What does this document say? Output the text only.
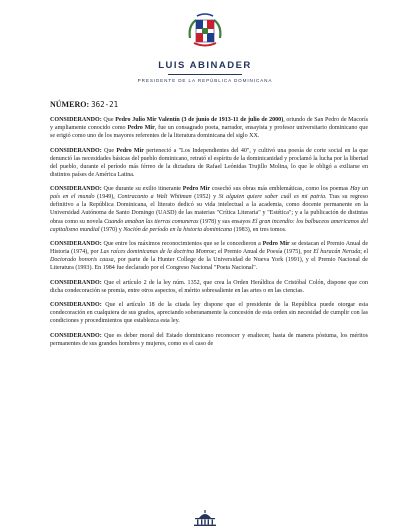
LUIS ABINADER
PRESIDENTE DE LA REPÚBLICA DOMINICANA
NÚMERO: 362-21

CONSIDERANDO: Que Pedro Julio Mir Valentín (3 de junio de 1913-11 de julio de 2000), oriundo de San Pedro de Macorís y ampliamente conocido como Pedro Mir, fue un consagrado poeta, narrador, ensayista y profesor universitario dominicano que se erigió como uno de los mayores referentes de la literatura dominicana del siglo XX.

CONSIDERANDO: Que Pedro Mir perteneció a "Los Independientes del 40", y cultivó una poesía de corte social en la que denunció las necesidades básicas del pueblo dominicano, retrató el espíritu de la dominicanidad y proclamó la lucha por la libertad del pueblo, durante el período más férreo de la dictadura de Rafael Leónidas Trujillo Molina, lo que le obligó a exiliarse en distintos países de América Latina.

CONSIDERANDO: Que durante su exilio itinerante Pedro Mir cosechó sus obras más emblemáticas, como los poemas Hay un país en el mundo (1949), Contracanto a Walt Whitman (1952) y Si alguien quiere saber cuál es mi patria. Tras su regreso definitivo a la República Dominicana, el literato dedicó su vida intelectual a la academia, como docente permanente en la Universidad Autónoma de Santo Domingo (UASD) de las materias "Crítica Literaria" y "Estética"; y a la publicación de distintas obras como su novela Cuando amaban las tierras comuneras (1978) y sus ensayos El gran incendio: los balbuceos americanos del capitalismo mundial (1970) y Noción de período en la historia dominicana (1983), en tres tomos.

CONSIDERANDO: Que entre los máximos reconocimientos que se le concedieron a Pedro Mir se destacan el Premio Anual de Historia (1974), por Las raíces dominicanas de la doctrina Monroe; el Premio Anual de Poesía (1975), por El huracán Neruda; el Doctorado honoris causa, por parte de la Hunter College de la Universidad de Nueva York (1991), y el Premio Nacional de Literatura (1993). En 1984 fue declarado por el Congreso Nacional "Poeta Nacional".

CONSIDERANDO: Que el artículo 2 de la ley núm. 1352, que crea la Orden Heráldica de Cristóbal Colón, dispone que con dicha condecoración se premia, entre otros aspectos, el mérito sobresaliente en las artes o en las ciencias.

CONSIDERANDO: Que el artículo 18 de la citada ley dispone que el presidente de la República puede otorgar esta condecoración en cualquiera de sus grados, apreciando soberanamente la concesión de esta orden sin necesidad de cumplir con las condiciones y procedimientos que establezca esta ley.

CONSIDERANDO: Que es deber moral del Estado dominicano reconocer y enaltecer, hasta de manera póstuma, los méritos permanentes de sus grandes hombres y mujeres, como es el caso de
